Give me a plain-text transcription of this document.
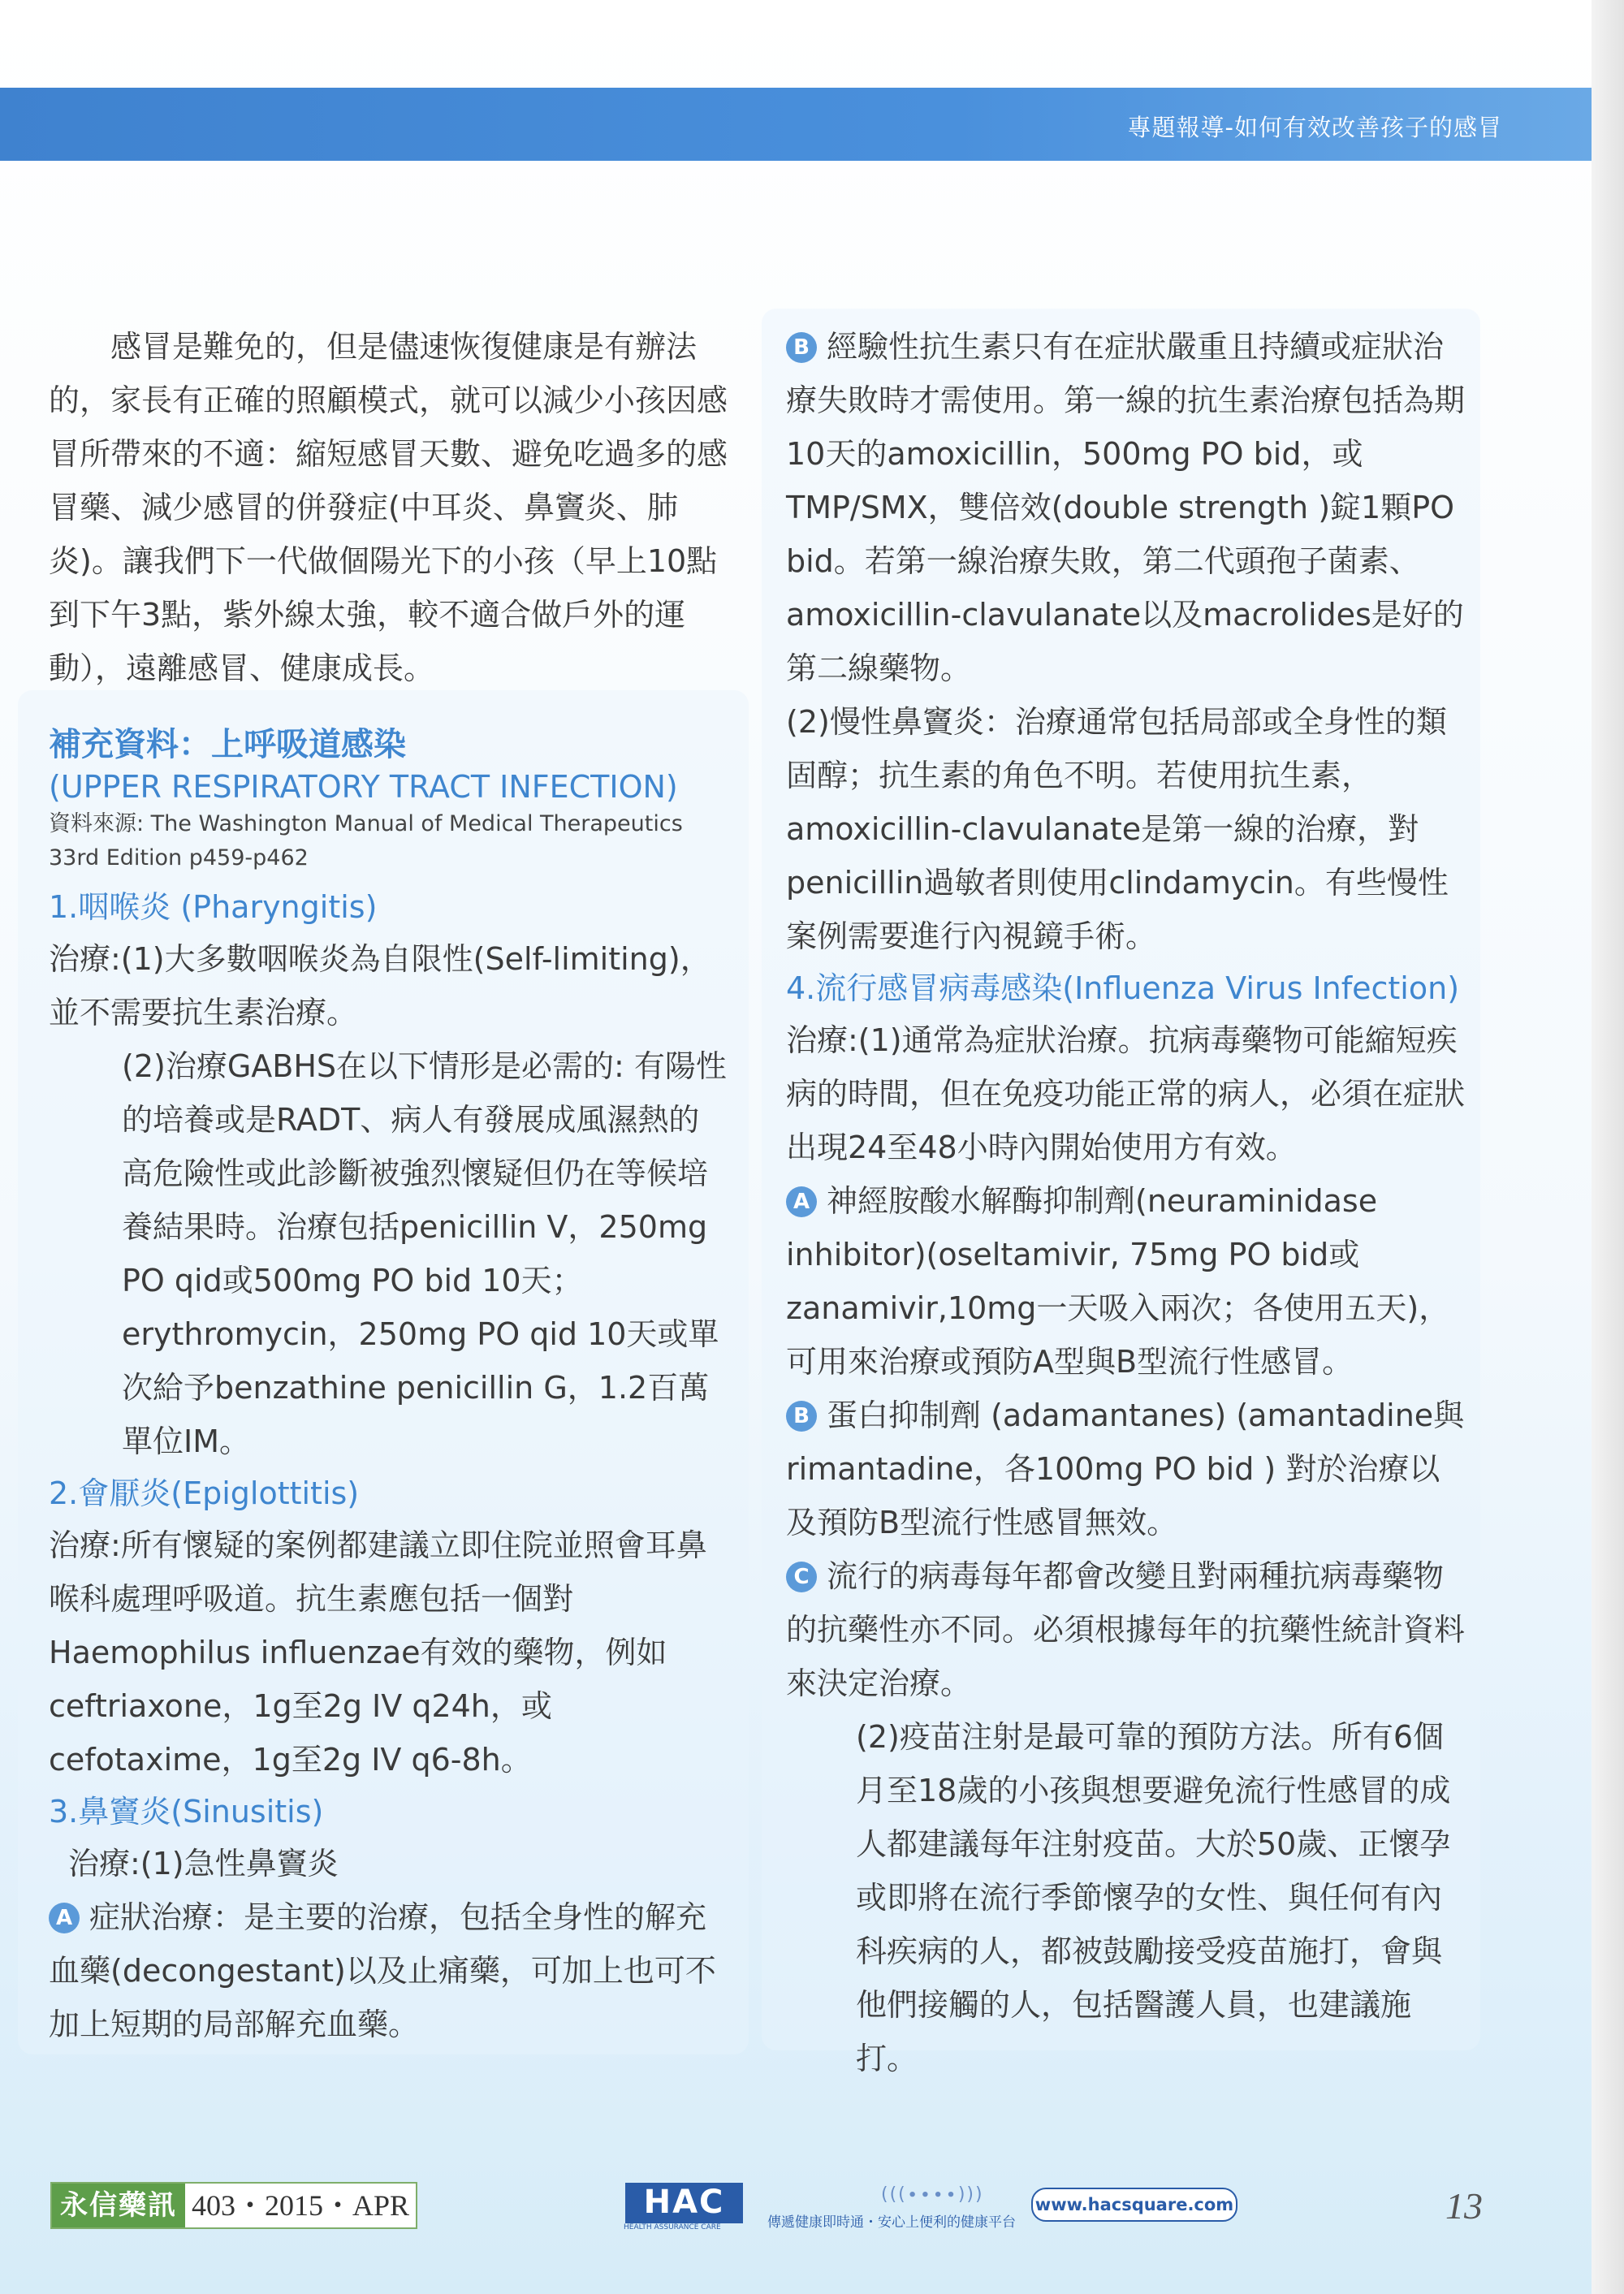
專題報導-如何有效改善孩子的感冒

感冒是難免的，但是儘速恢復健康是有辦法的，家長有正確的照顧模式，就可以減少小孩因感冒所帶來的不適：縮短感冒天數、避免吃過多的感冒藥、減少感冒的併發症(中耳炎、鼻竇炎、肺炎)。讓我們下一代做個陽光下的小孩（早上10點到下午3點，紫外線太強，較不適合做戶外的運動），遠離感冒、健康成長。

補充資料：上呼吸道感染
(UPPER RESPIRATORY TRACT INFECTION)
資料來源: The Washington Manual of Medical Therapeutics 33rd Edition p459-p462
1.咽喉炎 (Pharyngitis)

治療:(1)大多數咽喉炎為自限性(Self-limiting)，並不需要抗生素治療。

(2)治療GABHS在以下情形是必需的: 有陽性的培養或是RADT、病人有發展成風濕熱的高危險性或此診斷被強烈懷疑但仍在等候培養結果時。治療包括penicillin V，250mg PO qid或500mg PO bid 10天；erythromycin，250mg PO qid 10天或單次給予benzathine penicillin G，1.2百萬單位IM。

2.會厭炎(Epiglottitis)

治療:所有懷疑的案例都建議立即住院並照會耳鼻喉科處理呼吸道。抗生素應包括一個對Haemophilus influenzae有效的藥物，例如ceftriaxone，1g至2g IV q24h，或 cefotaxime，1g至2g IV q6-8h。

3.鼻竇炎(Sinusitis)

治療:(1)急性鼻竇炎

A 症狀治療：是主要的治療，包括全身性的解充血藥(decongestant)以及止痛藥，可加上也可不加上短期的局部解充血藥。

B 經驗性抗生素只有在症狀嚴重且持續或症狀治療失敗時才需使用。第一線的抗生素治療包括為期10天的amoxicillin，500mg PO bid，或TMP/SMX，雙倍效(double strength )錠1顆PO bid。若第一線治療失敗，第二代頭孢子菌素、amoxicillin-clavulanate以及macrolides是好的第二線藥物。

(2)慢性鼻竇炎：治療通常包括局部或全身性的類固醇；抗生素的角色不明。若使用抗生素，amoxicillin-clavulanate是第一線的治療，對penicillin過敏者則使用clindamycin。有些慢性案例需要進行內視鏡手術。

4.流行感冒病毒感染(Influenza Virus Infection)

治療:(1)通常為症狀治療。抗病毒藥物可能縮短疾病的時間，但在免疫功能正常的病人，必須在症狀出現24至48小時內開始使用方有效。

A 神經胺酸水解酶抑制劑(neuraminidase inhibitor)(oseltamivir, 75mg PO bid或zanamivir,10mg一天吸入兩次；各使用五天)，可用來治療或預防A型與B型流行性感冒。

B 蛋白抑制劑 (adamantanes) (amantadine與rimantadine，各100mg PO bid ) 對於治療以及預防B型流行性感冒無效。

C 流行的病毒每年都會改變且對兩種抗病毒藥物的抗藥性亦不同。必須根據每年的抗藥性統計資料來決定治療。

(2)疫苗注射是最可靠的預防方法。所有6個月至18歲的小孩與想要避免流行性感冒的成人都建議每年注射疫苗。大於50歲、正懷孕或即將在流行季節懷孕的女性、與任何有內科疾病的人，都被鼓勵接受疫苗施打，會與他們接觸的人，包括醫護人員，也建議施打。

永信藥訊 403・2015・APR	HAC
HEALTH ASSURANCE CARE
(((∙∙∙∙)))
傳遞健康即時通・安心上便利的健康平台
www.hacsquare.com	13
